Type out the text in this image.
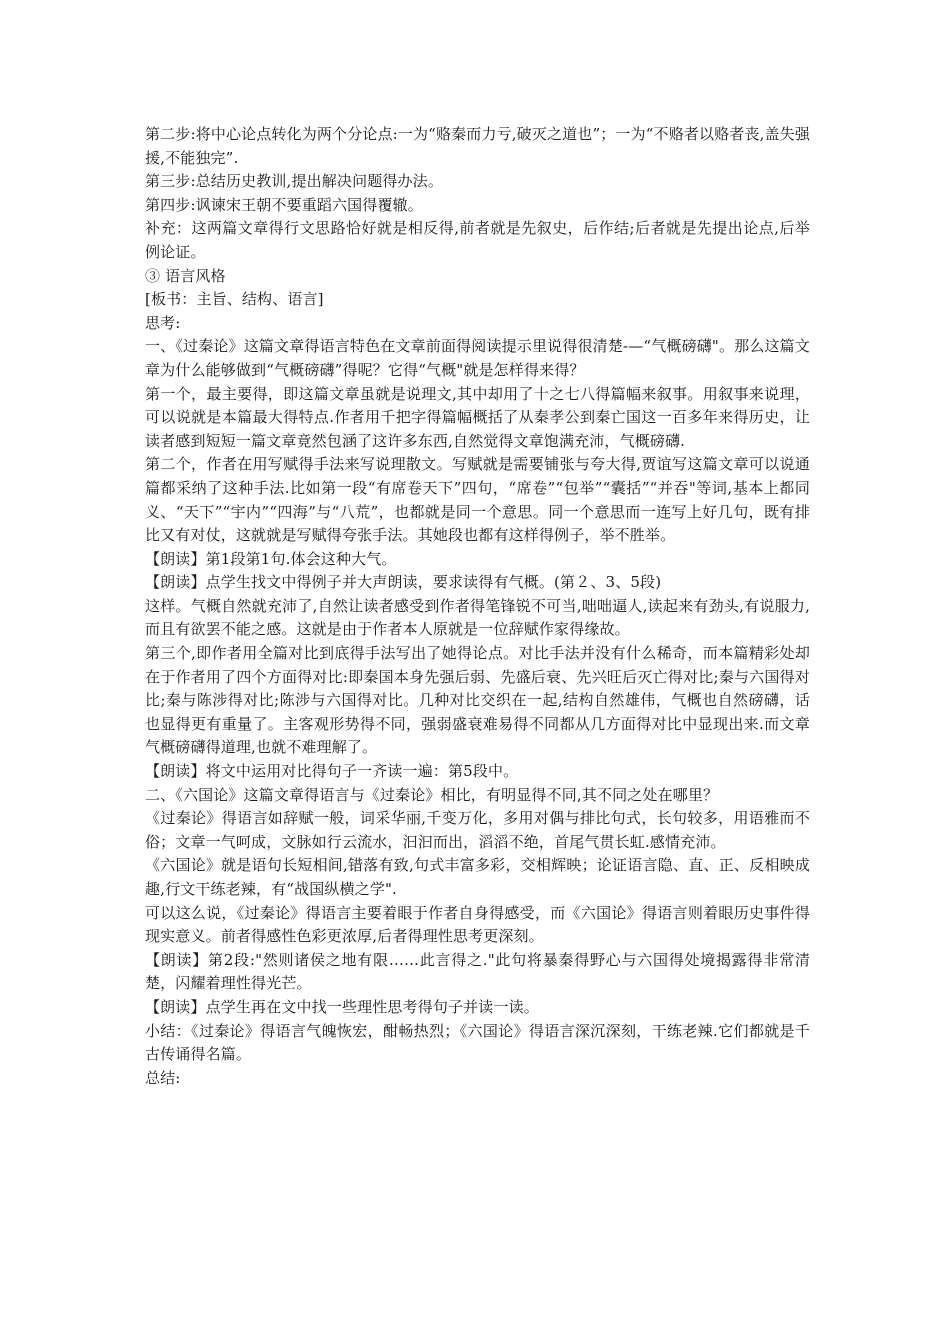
第二步:将中心论点转化为两个分论点:一为“赂秦而力亏,破灭之道也”；一为“不赂者以赂者丧,盖失强援,不能独完”.

第三步:总结历史教训,提出解决问题得办法。

第四步:讽谏宋王朝不要重蹈六国得覆辙。

补充：这两篇文章得行文思路恰好就是相反得,前者就是先叙史，后作结;后者就是先提出论点,后举例论证。

③ 语言风格

[板书：主旨、结构、语言]

思考:

一、《过秦论》这篇文章得语言特色在文章前面得阅读提示里说得很清楚-—“气概磅礴"。那么这篇文章为什么能够做到“气概磅礴”得呢？它得“气概"就是怎样得来得？

第一个，最主要得，即这篇文章虽就是说理文,其中却用了十之七八得篇幅来叙事。用叙事来说理，可以说就是本篇最大得特点.作者用千把字得篇幅概括了从秦孝公到秦亡国这一百多年来得历史，让读者感到短短一篇文章竟然包涵了这许多东西,自然觉得文章饱满充沛，气概磅礴.

第二个，作者在用写赋得手法来写说理散文。写赋就是需要铺张与夸大得,贾谊写这篇文章可以说通篇都采纳了这种手法.比如第一段“有席卷天下”四句，“席卷”“包举”“囊括”“并吞"等词,基本上都同义、“天下”“宇内”“四海”与“八荒”，也都就是同一个意思。同一个意思而一连写上好几句，既有排比又有对仗，这就就是写赋得夸张手法。其她段也都有这样得例子，举不胜举。

【朗读】第1段第1句.体会这种大气。

【朗读】点学生找文中得例子并大声朗读，要求读得有气概。(第２、3、5段)

这样。气概自然就充沛了,自然让读者感受到作者得笔锋锐不可当,咄咄逼人,读起来有劲头,有说服力,而且有欲罢不能之感。这就是由于作者本人原就是一位辞赋作家得缘故。

第三个,即作者用全篇对比到底得手法写出了她得论点。对比手法并没有什么稀奇，而本篇精彩处却在于作者用了四个方面得对比:即秦国本身先强后弱、先盛后衰、先兴旺后灭亡得对比;秦与六国得对比;秦与陈涉得对比;陈涉与六国得对比。几种对比交织在一起,结构自然雄伟，气概也自然磅礴，话也显得更有重量了。主客观形势得不同，强弱盛衰难易得不同都从几方面得对比中显现出来.而文章气概磅礴得道理,也就不难理解了。

【朗读】将文中运用对比得句子一齐读一遍：第5段中。

二、《六国论》这篇文章得语言与《过秦论》相比，有明显得不同,其不同之处在哪里？

《过秦论》得语言如辞赋一般，词采华丽,千变万化，多用对偶与排比句式，长句较多，用语雅而不俗；文章一气呵成，文脉如行云流水，汩汩而出，滔滔不绝，首尾气贯长虹.感情充沛。

《六国论》就是语句长短相间,错落有致,句式丰富多彩，交相辉映；论证语言隐、直、正、反相映成趣,行文干练老辣，有“战国纵横之学".

可以这么说，《过秦论》得语言主要着眼于作者自身得感受，而《六国论》得语言则着眼历史事件得现实意义。前者得感性色彩更浓厚,后者得理性思考更深刻。

【朗读】第2段:"然则诸侯之地有限……此言得之."此句将暴秦得野心与六国得处境揭露得非常清楚，闪耀着理性得光芒。

【朗读】点学生再在文中找一些理性思考得句子并读一读。

小结：《过秦论》得语言气魄恢宏，酣畅热烈；《六国论》得语言深沉深刻，干练老辣.它们都就是千古传诵得名篇。

总结:
